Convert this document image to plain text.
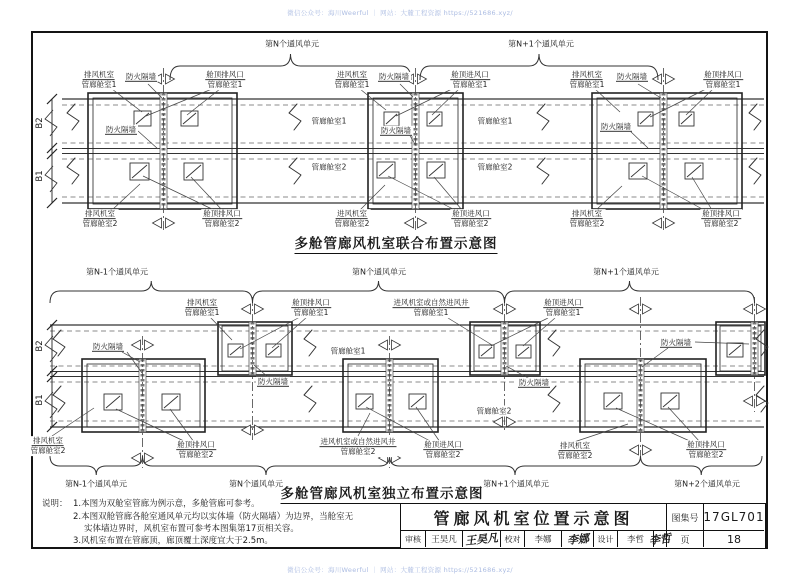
微信公众号：海川Weerful ｜ 网站：大麓工程资源 https://521686.xyz/
微信公众号：海川Weerful ｜ 网站：大麓工程资源 https://521686.xyz/
第N个通风单元	第N+1个通风单元
排风机室
管廊舱室1
防火隔墙	舱顶排风口
管廊舱室1
防火隔墙
排风机室
管廊舱室2
舱顶排风口
管廊舱室2
管廊舱室1
管廊舱室2
进风机室
管廊舱室1
防火隔墙	舱顶进风口
管廊舱室1
防火隔墙
进风机室
管廊舱室2
舱顶进风口
管廊舱室2
管廊舱室1
管廊舱室2
排风机室
管廊舱室1
防火隔墙	舱顶排风口
管廊舱室1
防火隔墙
排风机室
管廊舱室2
舱顶排风口
管廊舱室2
B2
B1
多舱管廊风机室联合布置示意图
第N-1个通风单元	第N个通风单元	第N+1个通风单元
排风机室
管廊舱室1
舱顶排风口
管廊舱室1
进风机室或自然进风井
管廊舱室1
舱顶进风口
管廊舱室1
防火隔墙
防火隔墙
管廊舱室1
防火隔墙
管廊舱室2
防火隔墙
排风机室
管廊舱室2
舱顶排风口
管廊舱室2
进风机室或自然进风井
管廊舱室2
舱顶进风口
管廊舱室2
排风机室
管廊舱室2
舱顶排风口
管廊舱室2
第N-1个通风单元	第N个通风单元	第N+1个通风单元	第N+2个通风单元
B2
B1
多舱管廊风机室独立布置示意图
说明： 1.本图为双舱室管廊为例示意，多舱管廊可参考。
2.本图双舱管廊各舱室通风单元均以实体墙（防火隔墙）为边界，当舱室无
实体墙边界时，风机室布置可参考本图集第17页相关容。
3.风机室布置在管廊顶，廊顶覆土深度宜大于2.5m。
管廊风机室位置示意图	图集号 17GL701
审核	王昊凡 王昊凡 校对	李娜	李娜	设计	李哲 李哲 页	18
